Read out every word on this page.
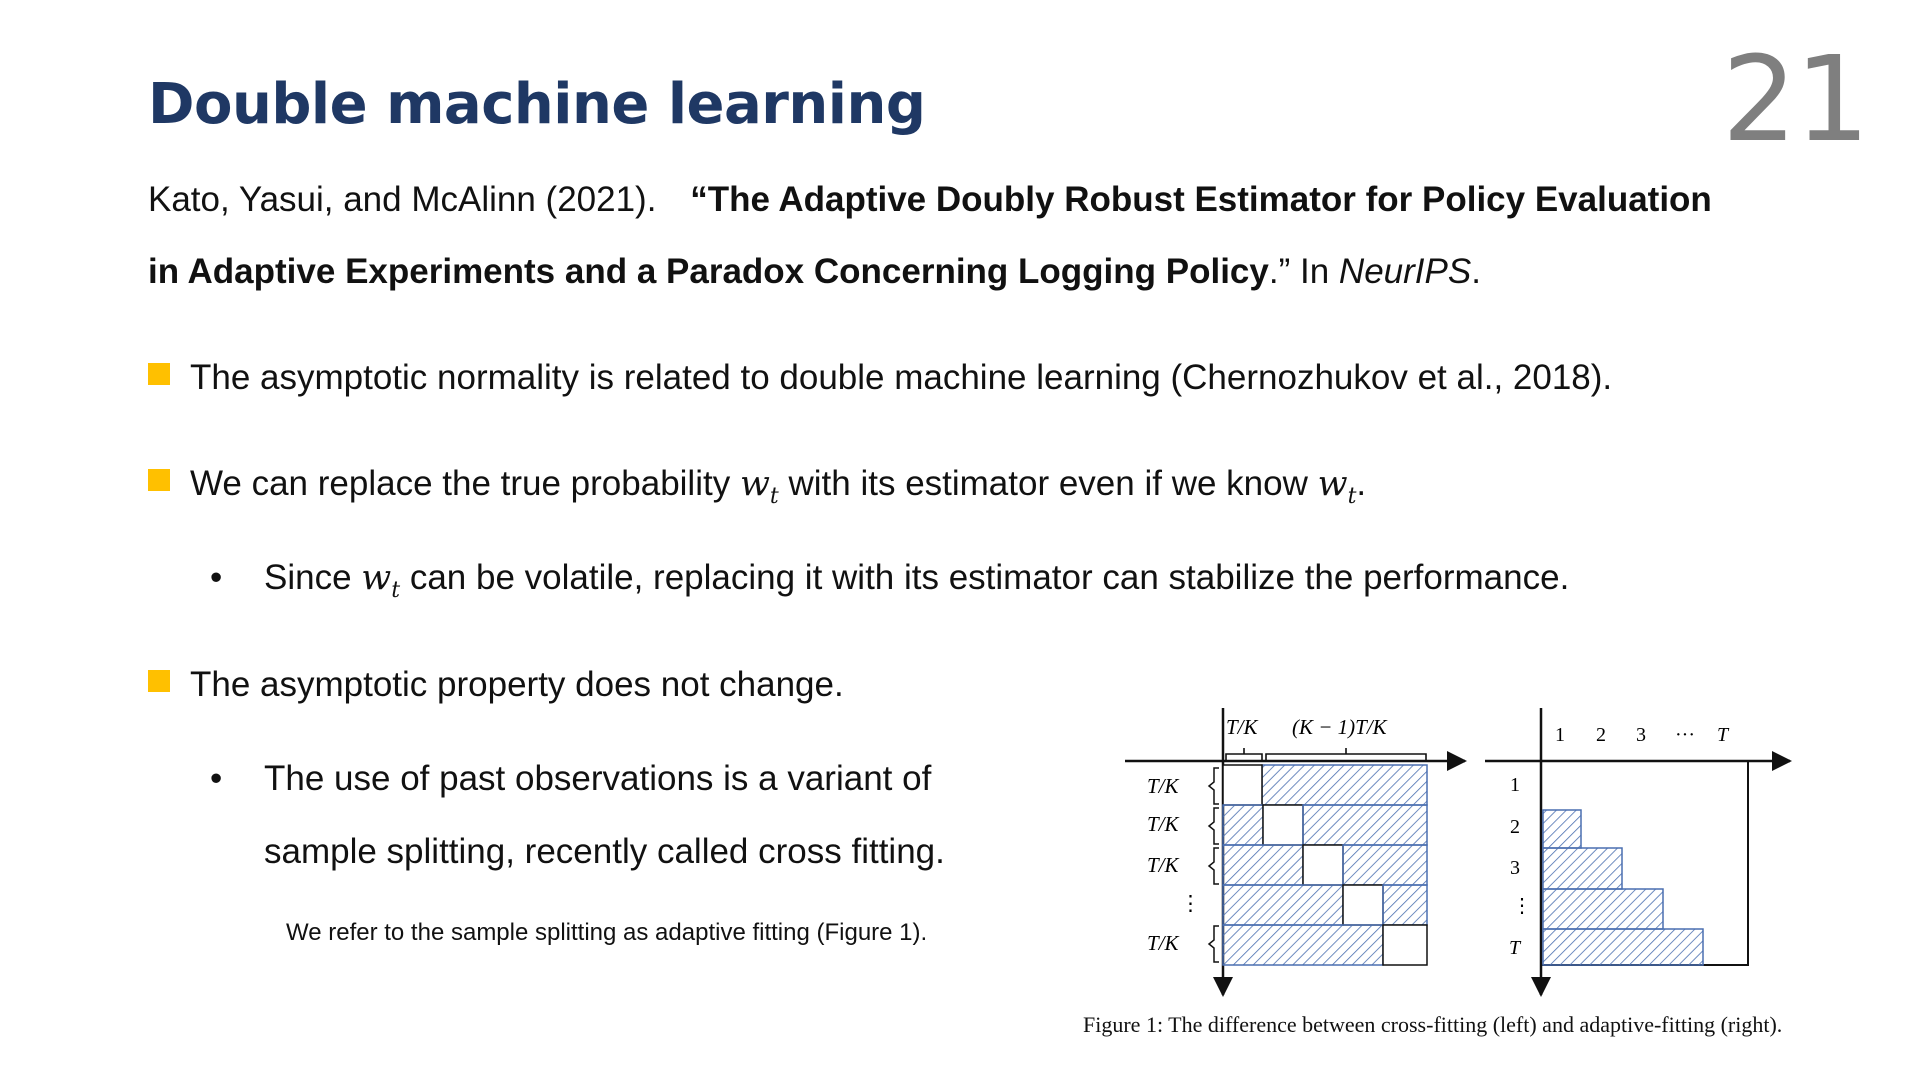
Double machine learning	21
Kato, Yasui, and McAlinn (2021). “The Adaptive Doubly Robust Estimator for Policy Evaluation
in Adaptive Experiments and a Paradox Concerning Logging Policy.” In NeurIPS.
The asymptotic normality is related to double machine learning (Chernozhukov et al., 2018).
We can replace the true probability $w_t$ with its estimator even if we know $w_t$.
• Since $w_t$ can be volatile, replacing it with its estimator can stabilize the performance.
The asymptotic property does not change.
• The use of past observations is a variant of
sample splitting, recently called cross fitting.
We refer to the sample splitting as adaptive fitting (Figure 1).
T/K (K − 1)T/K
T/K
T/K
T/K
⋮
T/K
1 2 3 ··· T
1
2
3
⋮
T
Figure 1: The difference between cross-fitting (left) and adaptive-fitting (right).
